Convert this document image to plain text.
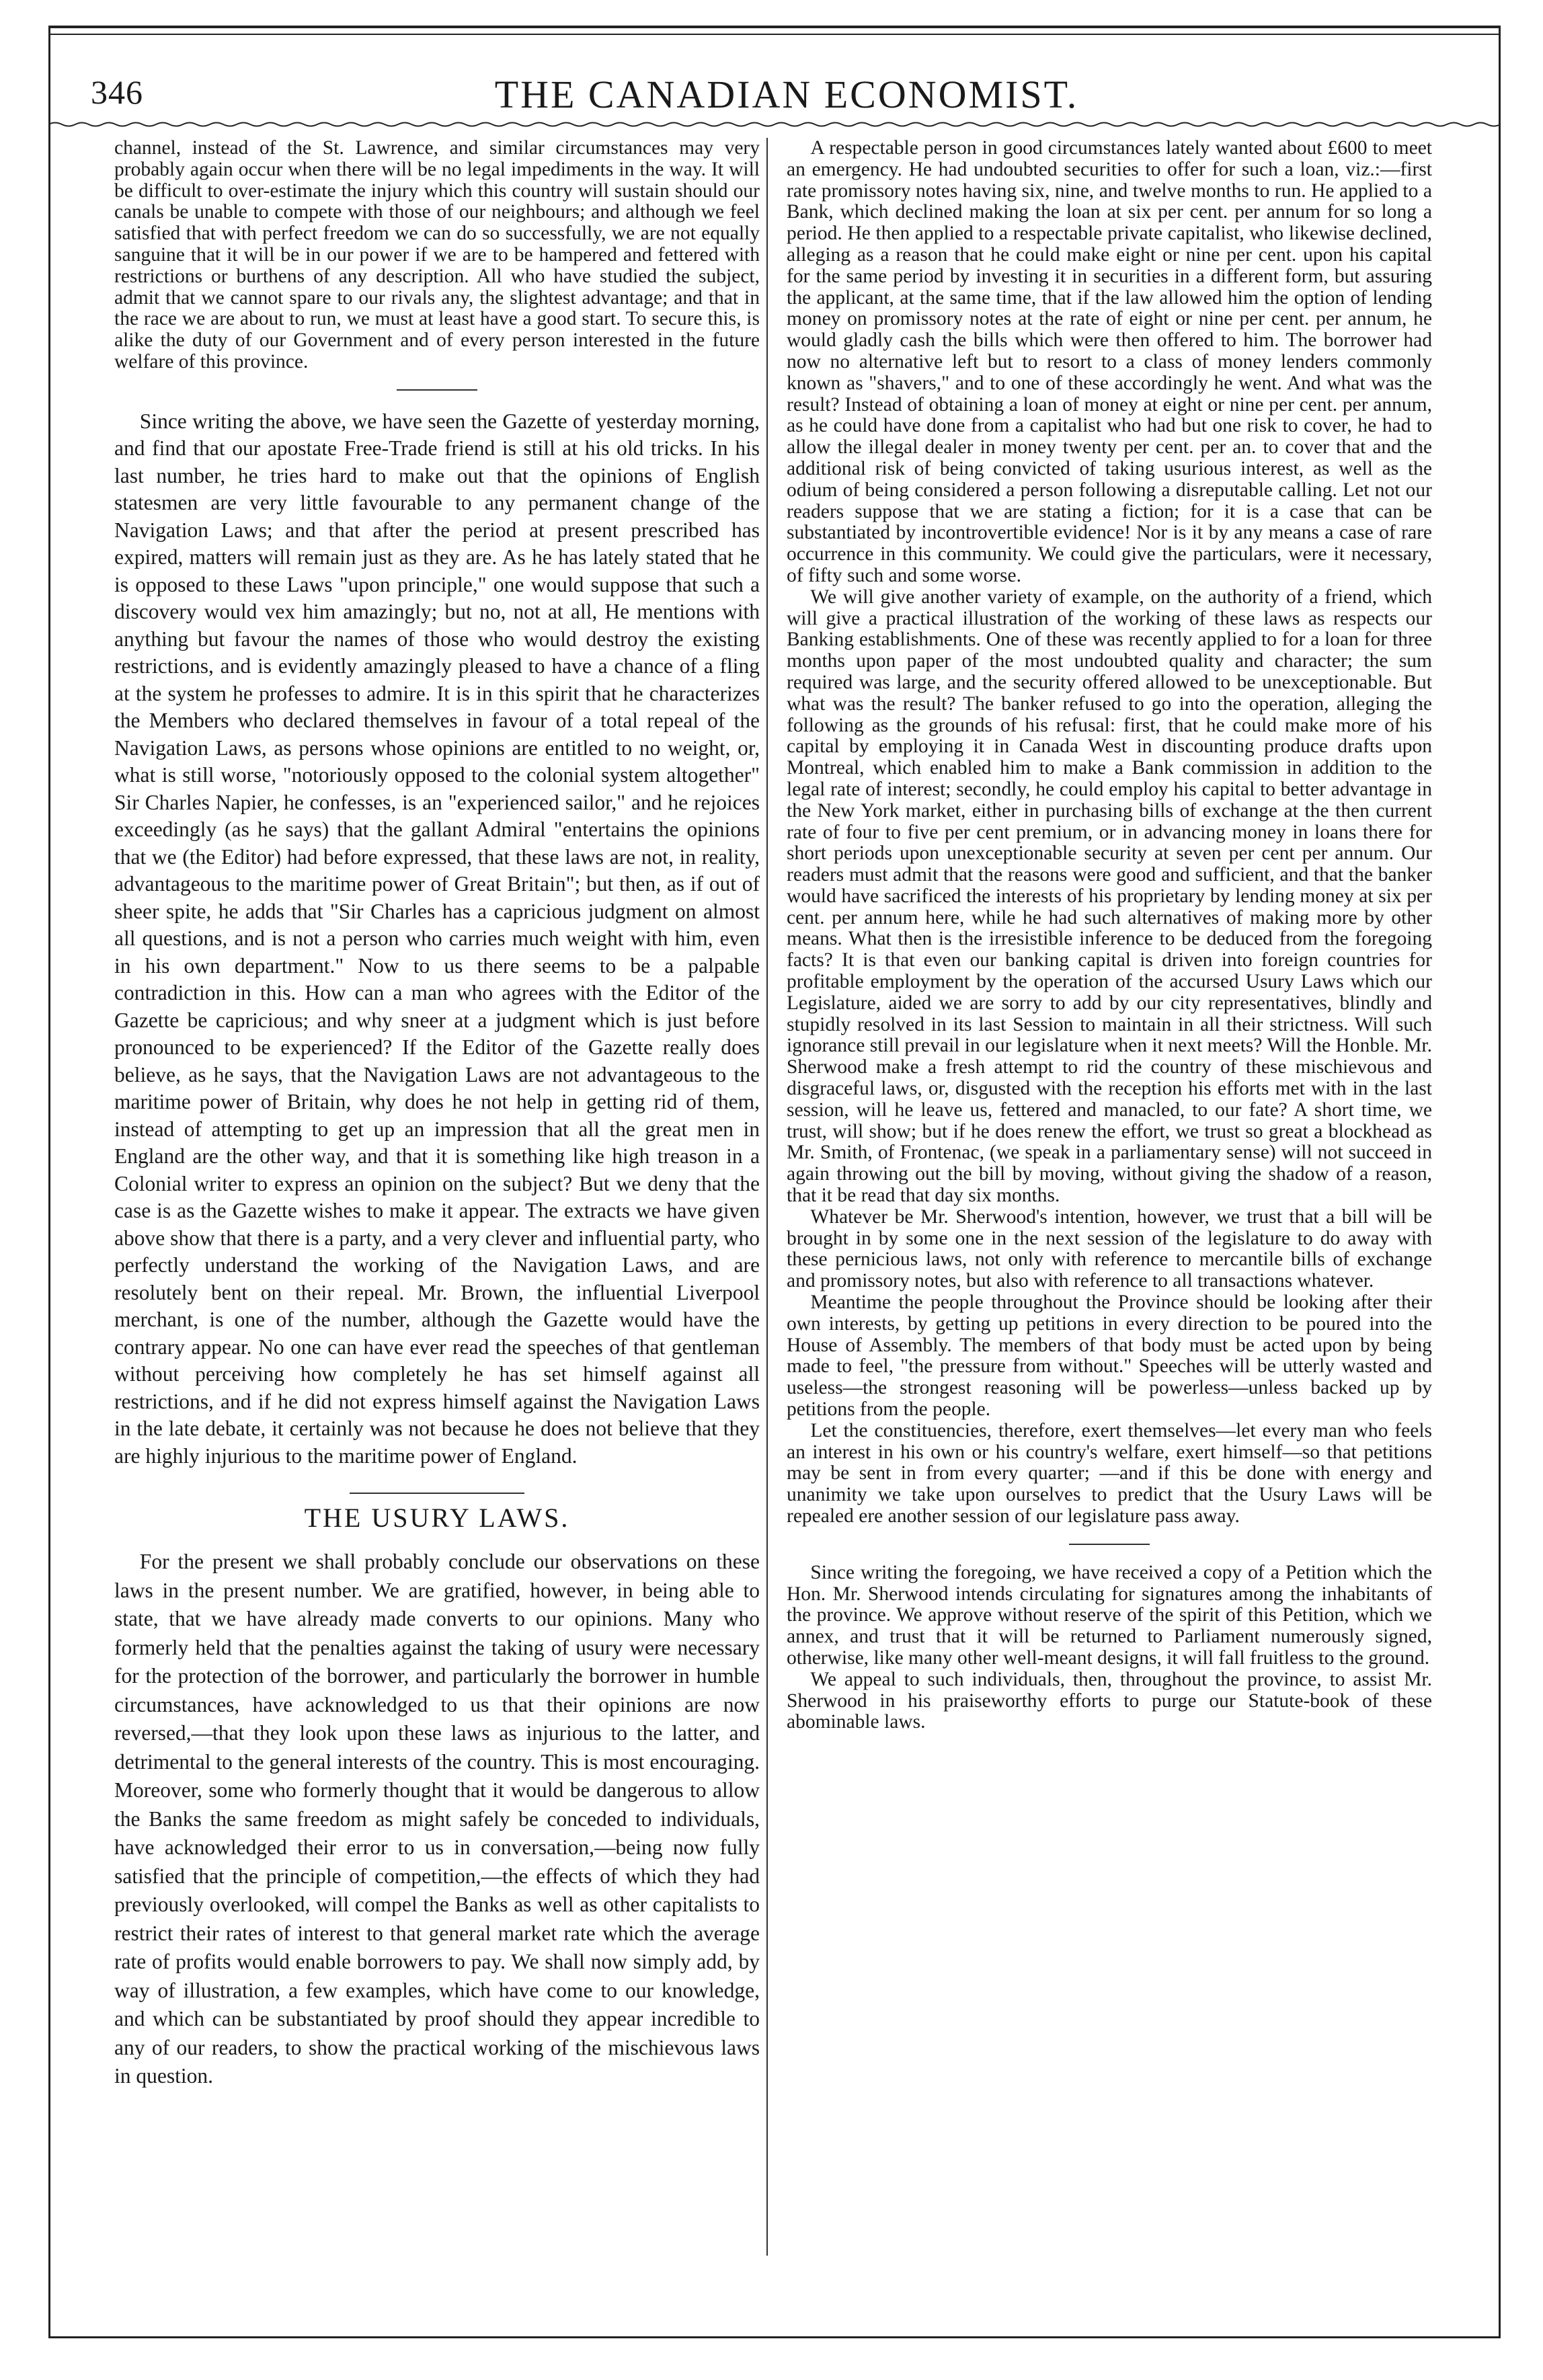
346	THE CANADIAN ECONOMIST.

channel, instead of the St. Lawrence, and similar circumstances may very probably again occur when there will be no legal impediments in the way. It will be difficult to over-estimate the injury which this country will sustain should our canals be unable to compete with those of our neighbours; and although we feel satisfied that with perfect freedom we can do so successfully, we are not equally sanguine that it will be in our power if we are to be hampered and fettered with restrictions or burthens of any description. All who have studied the subject, admit that we cannot spare to our rivals any, the slightest advantage; and that in the race we are about to run, we must at least have a good start. To secure this, is alike the duty of our Government and of every person interested in the future welfare of this province.

Since writing the above, we have seen the Gazette of yesterday morning, and find that our apostate Free-Trade friend is still at his old tricks. In his last number, he tries hard to make out that the opinions of English statesmen are very little favourable to any permanent change of the Navigation Laws; and that after the period at present prescribed has expired, matters will remain just as they are. As he has lately stated that he is opposed to these Laws "upon principle," one would suppose that such a discovery would vex him amazingly; but no, not at all, He mentions with anything but favour the names of those who would destroy the existing restrictions, and is evidently amazingly pleased to have a chance of a fling at the system he professes to admire. It is in this spirit that he characterizes the Members who declared themselves in favour of a total repeal of the Navigation Laws, as persons whose opinions are entitled to no weight, or, what is still worse, "notoriously opposed to the colonial system altogether" Sir Charles Napier, he confesses, is an "experienced sailor," and he rejoices exceedingly (as he says) that the gallant Admiral "entertains the opinions that we (the Editor) had before expressed, that these laws are not, in reality, advantageous to the maritime power of Great Britain"; but then, as if out of sheer spite, he adds that "Sir Charles has a capricious judgment on almost all questions, and is not a person who carries much weight with him, even in his own department." Now to us there seems to be a palpable contradiction in this. How can a man who agrees with the Editor of the Gazette be capricious; and why sneer at a judgment which is just before pronounced to be experienced? If the Editor of the Gazette really does believe, as he says, that the Navigation Laws are not advantageous to the maritime power of Britain, why does he not help in getting rid of them, instead of attempting to get up an impression that all the great men in England are the other way, and that it is something like high treason in a Colonial writer to express an opinion on the subject? But we deny that the case is as the Gazette wishes to make it appear. The extracts we have given above show that there is a party, and a very clever and influential party, who perfectly understand the working of the Navigation Laws, and are resolutely bent on their repeal. Mr. Brown, the influential Liverpool merchant, is one of the number, although the Gazette would have the contrary appear. No one can have ever read the speeches of that gentleman without perceiving how completely he has set himself against all restrictions, and if he did not express himself against the Navigation Laws in the late debate, it certainly was not because he does not believe that they are highly injurious to the maritime power of England.

THE USURY LAWS.

For the present we shall probably conclude our observations on these laws in the present number. We are gratified, however, in being able to state, that we have already made converts to our opinions. Many who formerly held that the penalties against the taking of usury were necessary for the protection of the borrower, and particularly the borrower in humble circumstances, have acknowledged to us that their opinions are now reversed,—that they look upon these laws as injurious to the latter, and detrimental to the general interests of the country. This is most encouraging. Moreover, some who formerly thought that it would be dangerous to allow the Banks the same freedom as might safely be conceded to individuals, have acknowledged their error to us in conversation,—being now fully satisfied that the principle of competition,—the effects of which they had previously overlooked, will compel the Banks as well as other capitalists to restrict their rates of interest to that general market rate which the average rate of profits would enable borrowers to pay. We shall now simply add, by way of illustration, a few examples, which have come to our knowledge, and which can be substantiated by proof should they appear incredible to any of our readers, to show the practical working of the mischievous laws in question.

A respectable person in good circumstances lately wanted about £600 to meet an emergency. He had undoubted securities to offer for such a loan, viz.:—first rate promissory notes having six, nine, and twelve months to run. He applied to a Bank, which declined making the loan at six per cent. per annum for so long a period. He then applied to a respectable private capitalist, who likewise declined, alleging as a reason that he could make eight or nine per cent. upon his capital for the same period by investing it in securities in a different form, but assuring the applicant, at the same time, that if the law allowed him the option of lending money on promissory notes at the rate of eight or nine per cent. per annum, he would gladly cash the bills which were then offered to him. The borrower had now no alternative left but to resort to a class of money lenders commonly known as "shavers," and to one of these accordingly he went. And what was the result? Instead of obtaining a loan of money at eight or nine per cent. per annum, as he could have done from a capitalist who had but one risk to cover, he had to allow the illegal dealer in money twenty per cent. per an. to cover that and the additional risk of being convicted of taking usurious interest, as well as the odium of being considered a person following a disreputable calling. Let not our readers suppose that we are stating a fiction; for it is a case that can be substantiated by incontrovertible evidence! Nor is it by any means a case of rare occurrence in this community. We could give the particulars, were it necessary, of fifty such and some worse.

We will give another variety of example, on the authority of a friend, which will give a practical illustration of the working of these laws as respects our Banking establishments. One of these was recently applied to for a loan for three months upon paper of the most undoubted quality and character; the sum required was large, and the security offered allowed to be unexceptionable. But what was the result? The banker refused to go into the operation, alleging the following as the grounds of his refusal: first, that he could make more of his capital by employing it in Canada West in discounting produce drafts upon Montreal, which enabled him to make a Bank commission in addition to the legal rate of interest; secondly, he could employ his capital to better advantage in the New York market, either in purchasing bills of exchange at the then current rate of four to five per cent premium, or in advancing money in loans there for short periods upon unexceptionable security at seven per cent per annum. Our readers must admit that the reasons were good and sufficient, and that the banker would have sacrificed the interests of his proprietary by lending money at six per cent. per annum here, while he had such alternatives of making more by other means. What then is the irresistible inference to be deduced from the foregoing facts? It is that even our banking capital is driven into foreign countries for profitable employment by the operation of the accursed Usury Laws which our Legislature, aided we are sorry to add by our city representatives, blindly and stupidly resolved in its last Session to maintain in all their strictness. Will such ignorance still prevail in our legislature when it next meets? Will the Honble. Mr. Sherwood make a fresh attempt to rid the country of these mischievous and disgraceful laws, or, disgusted with the reception his efforts met with in the last session, will he leave us, fettered and manacled, to our fate? A short time, we trust, will show; but if he does renew the effort, we trust so great a blockhead as Mr. Smith, of Frontenac, (we speak in a parliamentary sense) will not succeed in again throwing out the bill by moving, without giving the shadow of a reason, that it be read that day six months.

Whatever be Mr. Sherwood's intention, however, we trust that a bill will be brought in by some one in the next session of the legislature to do away with these pernicious laws, not only with reference to mercantile bills of exchange and promissory notes, but also with reference to all transactions whatever.

Meantime the people throughout the Province should be looking after their own interests, by getting up petitions in every direction to be poured into the House of Assembly. The members of that body must be acted upon by being made to feel, "the pressure from without." Speeches will be utterly wasted and useless—the strongest reasoning will be powerless—unless backed up by petitions from the people.

Let the constituencies, therefore, exert themselves—let every man who feels an interest in his own or his country's welfare, exert himself—so that petitions may be sent in from every quarter; —and if this be done with energy and unanimity we take upon ourselves to predict that the Usury Laws will be repealed ere another session of our legislature pass away.

Since writing the foregoing, we have received a copy of a Petition which the Hon. Mr. Sherwood intends circulating for signatures among the inhabitants of the province. We approve without reserve of the spirit of this Petition, which we annex, and trust that it will be returned to Parliament numerously signed, otherwise, like many other well-meant designs, it will fall fruitless to the ground.

We appeal to such individuals, then, throughout the province, to assist Mr. Sherwood in his praiseworthy efforts to purge our Statute-book of these abominable laws.
